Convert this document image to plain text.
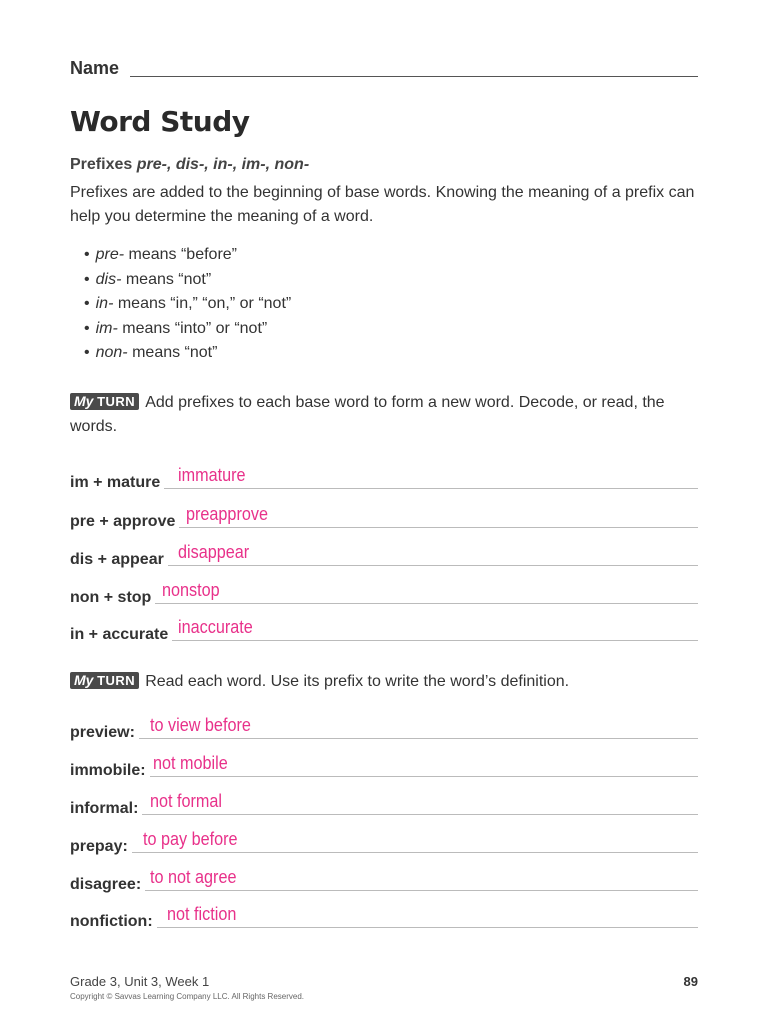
Name
Word Study
Prefixes pre-, dis-, in-, im-, non-

Prefixes are added to the beginning of base words. Knowing the meaning of a prefix can help you determine the meaning of a word.

• pre- means “before”
• dis- means “not”
• in- means “in,” “on,” or “not”
• im- means “into” or “not”
• non- means “not”

My TURN Add prefixes to each base word to form a new word. Decode, or read, the words.

im + mature immature
pre + approve preapprove
dis + appear disappear
non + stop nonstop
in + accurate inaccurate

My TURN Read each word. Use its prefix to write the word’s definition.

preview: to view before
immobile: not mobile
informal: not formal
prepay: to pay before
disagree: to not agree
nonfiction: not fiction
Grade 3, Unit 3, Week 1	89
Copyright © Savvas Learning Company LLC. All Rights Reserved.
